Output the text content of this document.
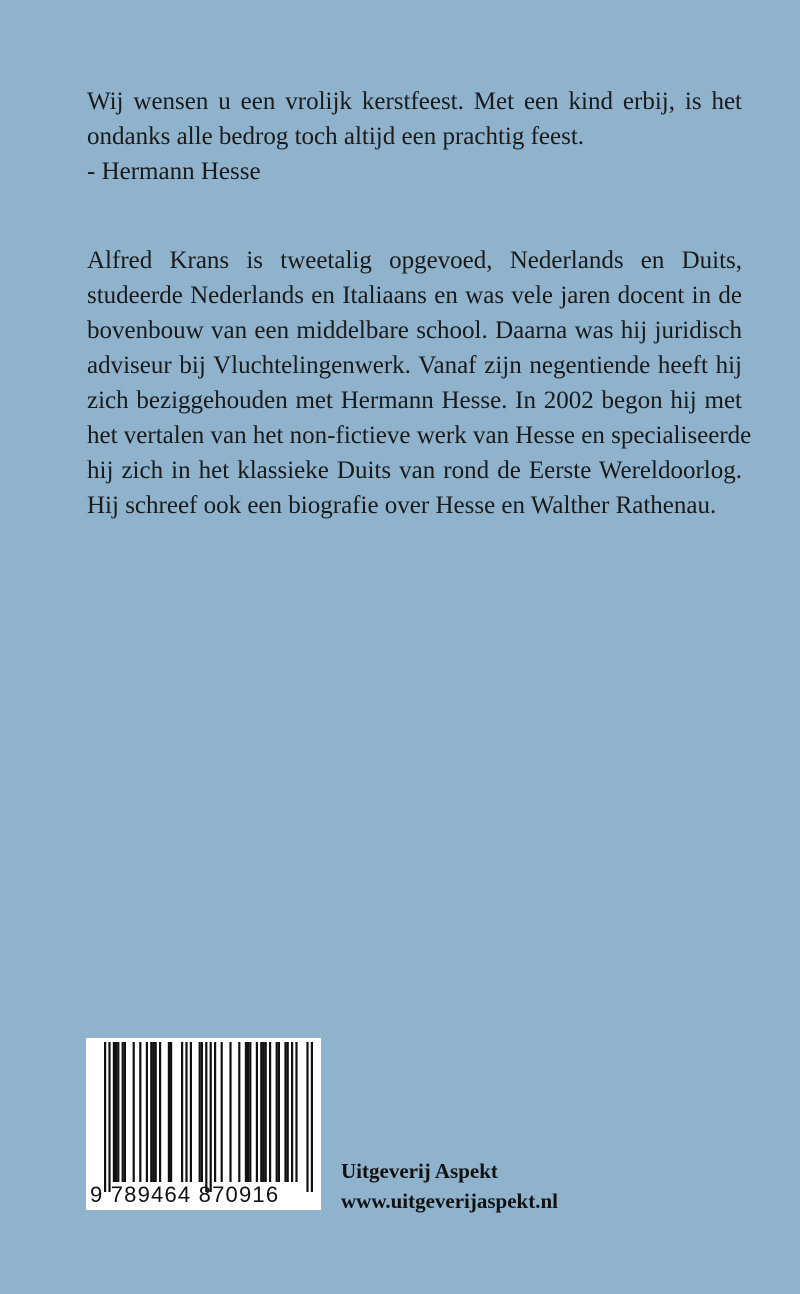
Wij wensen u een vrolijk kerstfeest. Met een kind erbij, is het
ondanks alle bedrog toch altijd een prachtig feest.
- Hermann Hesse
Alfred Krans is tweetalig opgevoed, Nederlands en Duits,
studeerde Nederlands en Italiaans en was vele jaren docent in de
bovenbouw van een middelbare school. Daarna was hij juridisch
adviseur bij Vluchtelingenwerk. Vanaf zijn negentiende heeft hij
zich beziggehouden met Hermann Hesse. In 2002 begon hij met
het vertalen van het non-fictieve werk van Hesse en specialiseerde
hij zich in het klassieke Duits van rond de Eerste Wereldoorlog.
Hij schreef ook een biografie over Hesse en Walther Rathenau.
9 789464 870916
Uitgeverij Aspekt
www.uitgeverijaspekt.nl
